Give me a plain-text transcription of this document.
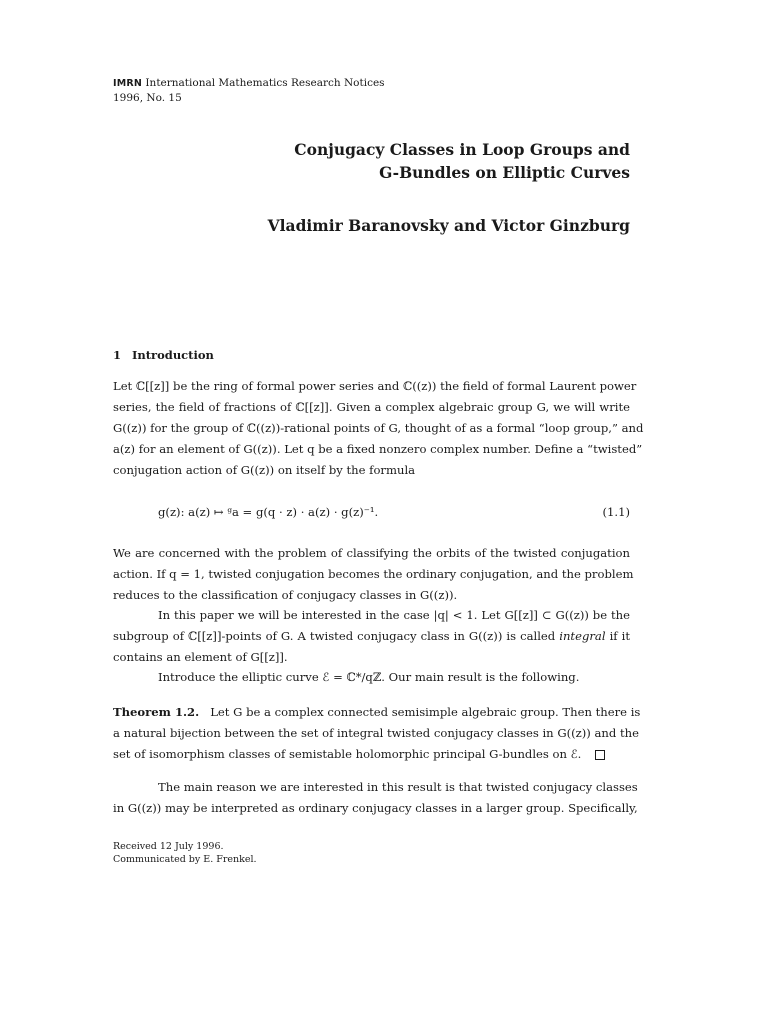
IMRN International Mathematics Research Notices
1996, No. 15
Conjugacy Classes in Loop Groups and
G-Bundles on Elliptic Curves
Vladimir Baranovsky and Victor Ginzburg
1 Introduction
Let ℂ[[z]] be the ring of formal power series and ℂ((z)) the field of formal Laurent power
series, the field of fractions of ℂ[[z]]. Given a complex algebraic group G, we will write
G((z)) for the group of ℂ((z))-rational points of G, thought of as a formal “loop group,” and
a(z) for an element of G((z)). Let q be a fixed nonzero complex number. Define a “twisted”
conjugation action of G((z)) on itself by the formula
g(z): a(z) ↦ ᵍa = g(q · z) · a(z) · g(z)⁻¹.	(1.1)
We are concerned with the problem of classifying the orbits of the twisted conjugation
action. If q = 1, twisted conjugation becomes the ordinary conjugation, and the problem
reduces to the classification of conjugacy classes in G((z)).
In this paper we will be interested in the case |q| < 1. Let G[[z]] ⊂ G((z)) be the
subgroup of ℂ[[z]]-points of G. A twisted conjugacy class in G((z)) is called integral if it
contains an element of G[[z]].
Introduce the elliptic curve ℰ = ℂ*/qℤ. Our main result is the following.
Theorem 1.2. Let G be a complex connected semisimple algebraic group. Then there is
a natural bijection between the set of integral twisted conjugacy classes in G((z)) and the
set of isomorphism classes of semistable holomorphic principal G-bundles on ℰ.
The main reason we are interested in this result is that twisted conjugacy classes
in G((z)) may be interpreted as ordinary conjugacy classes in a larger group. Specifically,
Received 12 July 1996.
Communicated by E. Frenkel.
